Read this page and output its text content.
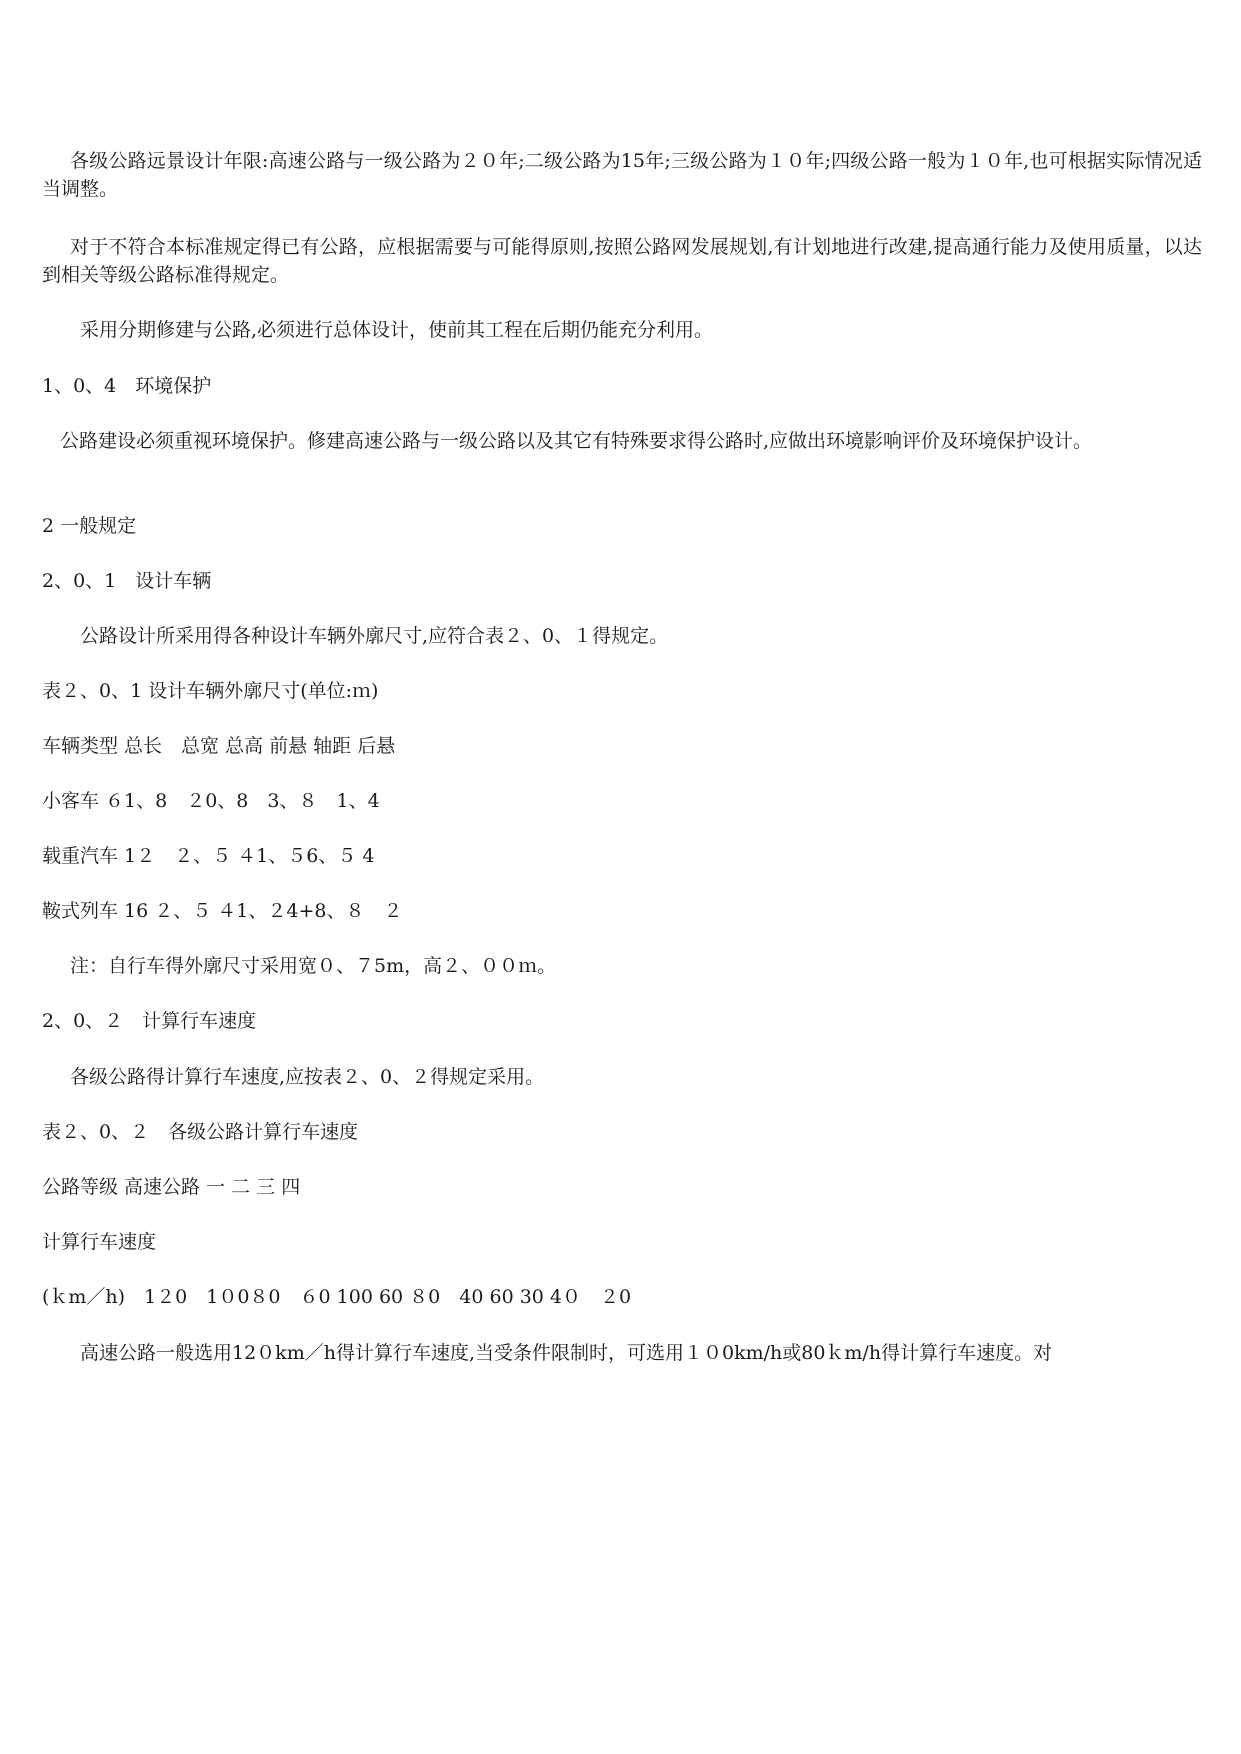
各级公路远景设计年限:高速公路与一级公路为２０年;二级公路为15年;三级公路为１０年;四级公路一般为１０年,也可根据实际情况适当调整。

对于不符合本标准规定得已有公路，应根据需要与可能得原则,按照公路网发展规划,有计划地进行改建,提高通行能力及使用质量，以达到相关等级公路标准得规定。

采用分期修建与公路,必须进行总体设计，使前其工程在后期仍能充分利用。

1、0、4　环境保护

公路建设必须重视环境保护。修建高速公路与一级公路以及其它有特殊要求得公路时,应做出环境影响评价及环境保护设计。

2 一般规定

2、0、1　设计车辆

公路设计所采用得各种设计车辆外廓尺寸,应符合表２、0、１得规定。

表２、0、1 设计车辆外廓尺寸(单位:ｍ)

车辆类型 总长　总宽 总高 前悬 轴距 后悬

小客车 ６1、8　２0、8　3、８　1、4

载重汽车 1２　２、５ ４1、５6、５ 4

鞍式列车 16 ２、５ ４1、２4+8、８　２

注：自行车得外廓尺寸采用宽０、７5m，高２、００ｍ。

2、0、２　计算行车速度

各级公路得计算行车速度,应按表２、0、２得规定采用。

表２、0、２　各级公路计算行车速度

公路等级 高速公路 一 二 三 四

计算行车速度

(ｋm／h)　1２0　1０0８0　６0 100 60 ８0　40 60 30 4０　２0

高速公路一般选用12０km／h得计算行车速度,当受条件限制时，可选用１０0km/h或80ｋm/h得计算行车速度。对
